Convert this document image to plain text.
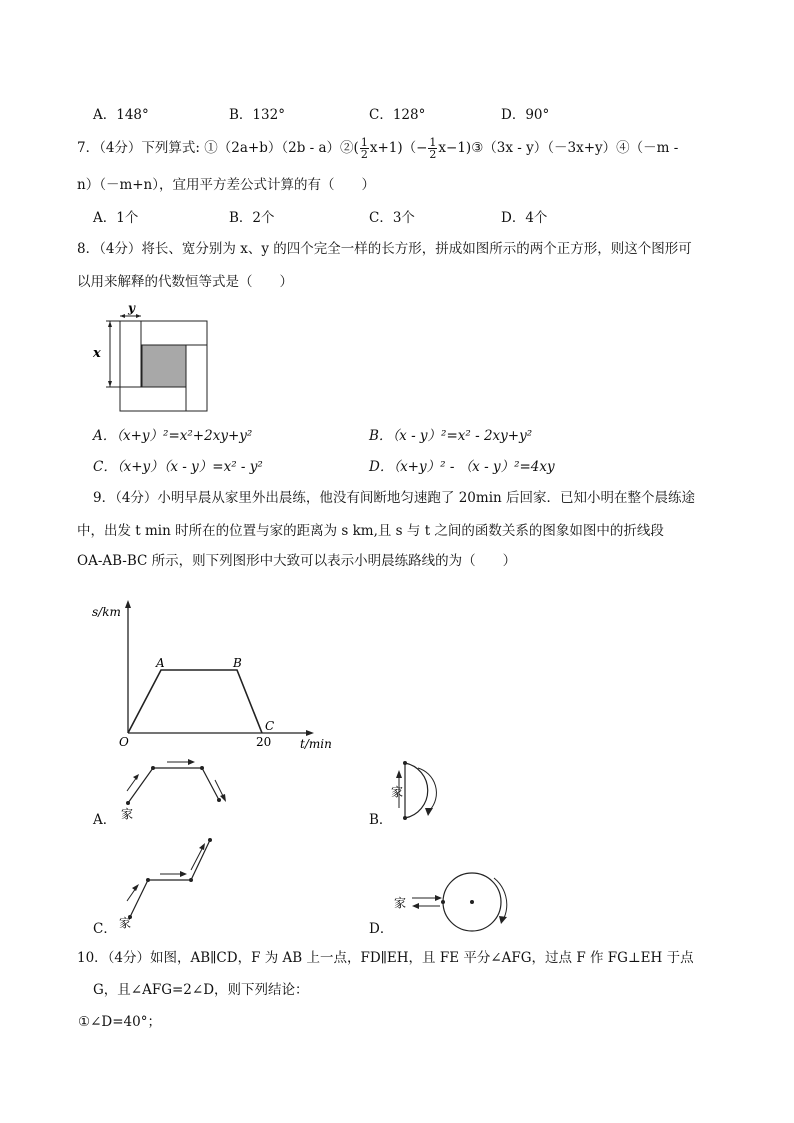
A．148°	B．132°	C．128°	D．90°
7．（4分）下列算式: ①（2a+b）（2b - a）②( $\frac{1}{2} x+1)(- \frac{1}{2}$ x−1)③（3x - y）（－3x+y）④（－m -
n）（－m+n），宜用平方差公式计算的有（　　）
A．1个	B．2个	C．3个	D．4个
8．（4分）将长、宽分别为 x、y 的四个完全一样的长方形，拼成如图所示的两个正方形，则这个图形可
以用来解释的代数恒等式是（　　）
y
x
A．（x+y）²=x²+2xy+y²	B．（x - y）²=x² - 2xy+y²
C．（x+y）（x - y）=x² - y²	D．（x+y）² - （x - y）²=4xy
9．（4分）小明早晨从家里外出晨练，他没有间断地匀速跑了 20min 后回家．已知小明在整个晨练途
中，出发 t min 时所在的位置与家的距离为 s km,且 s 与 t 之间的函数关系的图象如图中的折线段
OA-AB-BC 所示，则下列图形中大致可以表示小明晨练路线的为（　　）
s/km
t/min
O
A	B
C
20
A． 家	B．
家
C． 家	D．
家
10．（4分）如图，AB∥CD，F 为 AB 上一点，FD∥EH，且 FE 平分∠AFG，过点 F 作 FG⊥EH 于点
G，且∠AFG=2∠D，则下列结论：
①∠D=40°；
